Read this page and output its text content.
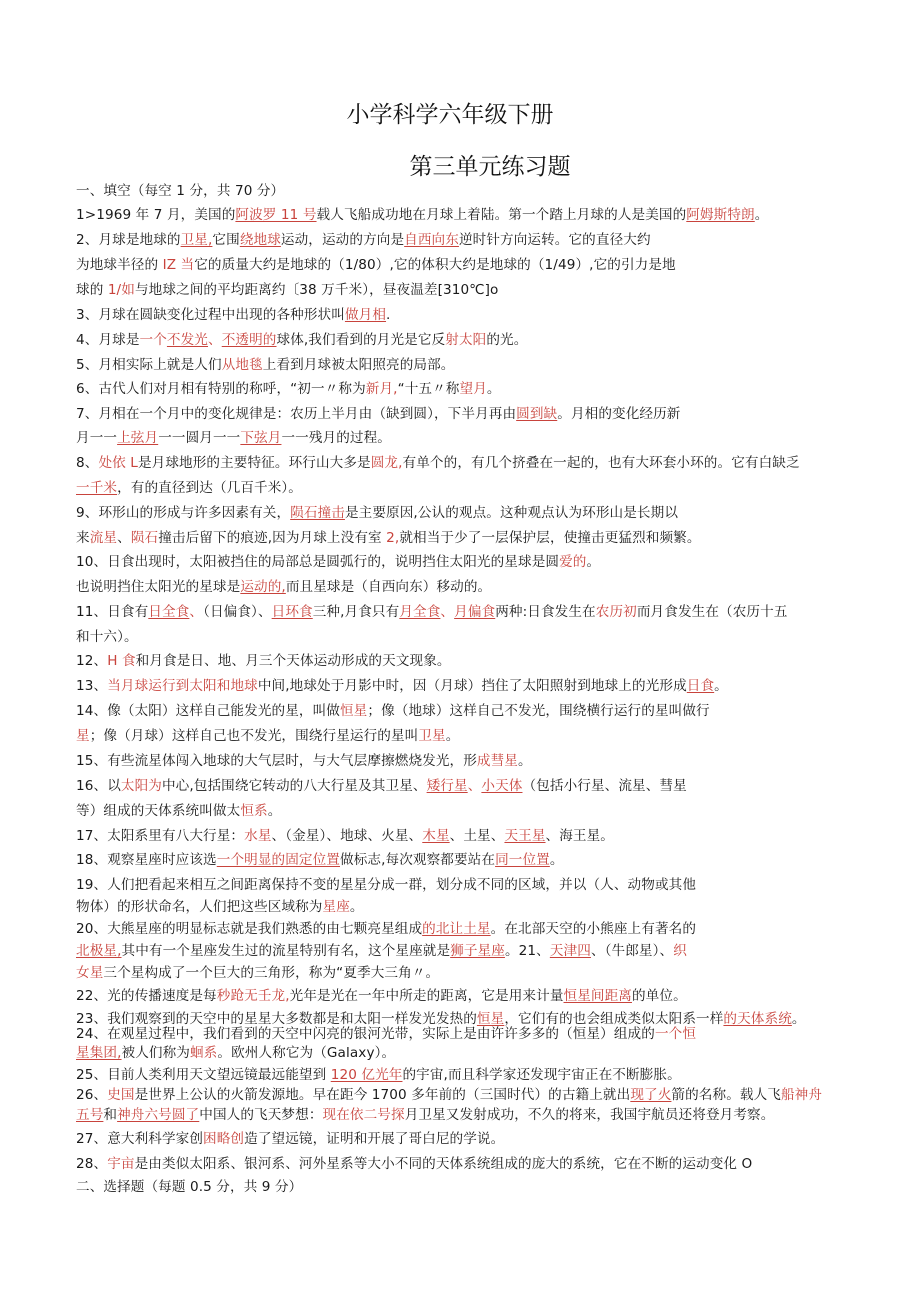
小学科学六年级下册
第三单元练习题
一、填空（每空 1 分，共 70 分）
1>1969 年 7 月，美国的阿波罗 11 号载人飞船成功地在月球上着陆。第一个踏上月球的人是美国的阿姆斯特朗。
2、月球是地球的卫星,它围绕地球运动，运动的方向是自西向东逆时针方向运转。它的直径大约
为地球半径的 IZ 当它的质量大约是地球的（1/80）,它的体积大约是地球的（1/49）,它的引力是地
球的 1/如与地球之间的平均距离约〔38 万千米），昼夜温差[310℃]o
3、月球在圆缺变化过程中出现的各种形状叫做月相.
4、月球是一个不发光、不透明的球体,我们看到的月光是它反射太阳的光。
5、月相实际上就是人们从地毯上看到月球被太阳照亮的局部。
6、古代人们对月相有特别的称呼，“初一〃称为新月,“十五〃称望月。
7、月相在一个月中的变化规律是：农历上半月由（缺到圆），下半月再由圆到缺。月相的变化经历新
月一一上弦月一一圆月一一下弦月一一残月的过程。
8、处依 L是月球地形的主要特征。环行山大多是圆龙,有单个的，有几个挤叠在一起的，也有大环套小环的。它有白缺乏
一千米，有的直径到达（几百千米）。
9、环形山的形成与许多因素有关，陨石撞击是主要原因,公认的观点。这种观点认为环形山是长期以
来流星、陨石撞击后留下的痕迹,因为月球上没有室 2,就相当于少了一层保护层，使撞击更猛烈和频繁。
10、日食出现时，太阳被挡住的局部总是圆弧行的，说明挡住太阳光的星球是圆爱的。
也说明挡住太阳光的星球是运动的,而且星球是（自西向东）移动的。
11、日食有日全食、（日偏食）、日环食三种,月食只有月全食、月偏食两种:日食发生在农历初而月食发生在（农历十五
和十六）。
12、H 食和月食是日、地、月三个天体运动形成的天文现象。
13、当月球运行到太阳和地球中间,地球处于月影中时，因（月球）挡住了太阳照射到地球上的光形成日食。
14、像（太阳）这样自己能发光的星，叫做恒星；像（地球）这样自己不发光，围绕横行运行的星叫做行
星；像（月球）这样自己也不发光，围绕行星运行的星叫卫星。
15、有些流星体闯入地球的大气层时，与大气层摩擦燃烧发光，形成彗星。
16、以太阳为中心,包括围绕它转动的八大行星及其卫星、矮行星、小天体（包括小行星、流星、彗星
等）组成的天体系统叫做太恒系。
17、太阳系里有八大行星：水星、（金星）、地球、火星、木星、土星、天王星、海王星。
18、观察星座时应该选一个明显的固定位置做标志,每次观察都要站在同一位置。
19、人们把看起来相互之间距离保持不变的星星分成一群，划分成不同的区域，并以（人、动物或其他
物体）的形状命名，人们把这些区域称为星座。
20、大熊星座的明显标志就是我们熟悉的由七颗亮星组成的北让土星。在北部天空的小熊座上有著名的
北极星,其中有一个星座发生过的流星特别有名，这个星座就是狮子星座。21、天津四、（牛郎星）、织
女星三个星构成了一个巨大的三角形，称为“夏季大三角〃。
22、光的传播速度是每秒跄无壬龙,光年是光在一年中所走的距离，它是用来计量恒星间距离的单位。
23、我们观察到的天空中的星星大多数都是和太阳一样发光发热的恒星，它们有的也会组成类似太阳系一样的天体系统。
24、在观星过程中，我们看到的天空中闪亮的银河光带，实际上是由许许多多的（恒星）组成的一个恒
星集团,被人们称为蛔系。欧州人称它为（Galaxy）。
25、目前人类利用天文望远镜最远能望到 120 亿光年的宇宙,而且科学家还发现宇宙正在不断膨胀。
26、史国是世界上公认的火箭发源地。早在距今 1700 多年前的（三国时代）的古籍上就出现了火箭的名称。载人飞船神舟
五号和神舟六号圆了中国人的飞天梦想：现在依二号探月卫星又发射成功，不久的将来，我国宇航员还将登月考察。
27、意大利科学家创困略创造了望远镜，证明和开展了哥白尼的学说。
28、宇亩是由类似太阳系、银河系、河外星系等大小不同的天体系统组成的庞大的系统，它在不断的运动变化 O
二、选择题（每题 0.5 分，共 9 分）
